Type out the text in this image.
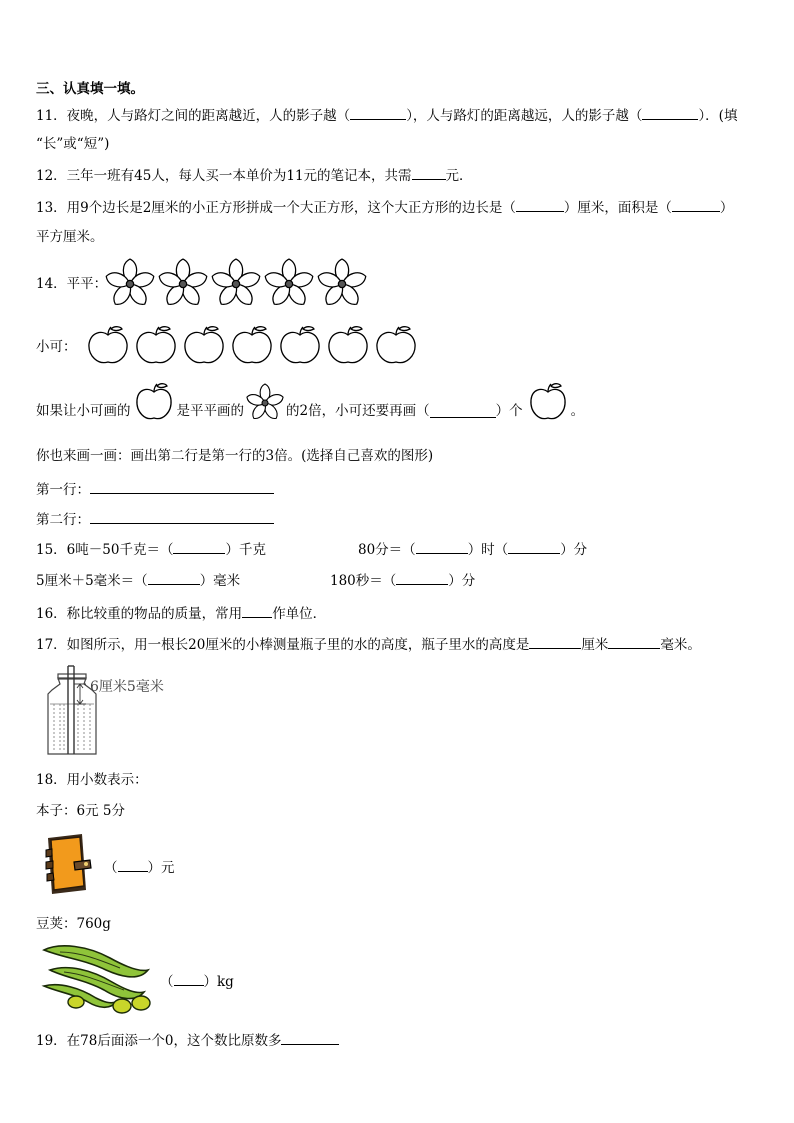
三、认真填一填。
11．夜晚，人与路灯之间的距离越近，人的影子越（	），人与路灯的距离越远，人的影子越（	）．(填
“长”或“短”)
12．三年一班有45人，每人买一本单价为11元的笔记本，共需	元．
13．用9个边长是2厘米的小正方形拼成一个大正方形，这个大正方形的边长是（	）厘米，面积是（	）
平方厘米。
14．平平：
小可：
如果让小可画的	是平平画的	的2倍，小可还要再画（	）个	。
你也来画一画：画出第二行是第一行的3倍。(选择自己喜欢的图形)
第一行：
第二行：
15．6吨－50千克＝（	）千克	80分＝（	）时（	）分
5厘米＋5毫米＝（	）毫米	180秒＝（	）分
16．称比较重的物品的质量，常用 作单位．
17．如图所示，用一根长20厘米的小棒测量瓶子里的水的高度，瓶子里水的高度是	厘米	毫米。
6厘米5毫米
18．用小数表示：
本子：6元 5分
（ ）元
豆荚：760g
（ ）kg
19．在78后面添一个0，这个数比原数多
